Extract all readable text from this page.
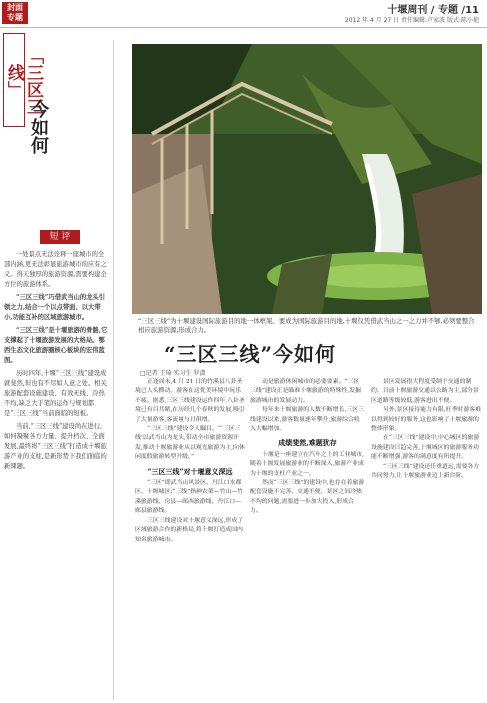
封面
专题
十堰周刊 / 专题 /11
2012 年 4 月 27 日 责任编辑:卢家波 版式:陈小艳
「三区三线」
今如何
短 评

一处景点无法诠释一座城市的全部内涵,更无法彰显旅游城市的应有之义。得天独厚的旅游资源,需要构建全方位的旅游体系。

“三区三线”巧借武当山的龙头引领之力,结合一个以点带面、以大带小,功能互补的区域旅游城市。

“三区三线”是十堰旅游的骨骼,它支撑起了十堰旅游发展的大格局。鄂西生态文化旅游圈核心板块的宏伟蓝图。

历时四年,十堰“三区三线”建设成就斐然,但也有不尽如人意之处。相关旅游配套设施建设、有效无线、冷热不均,缺乏大手笔的运作与规划都是“三区三线”当前面临的短板。

当前,“三区三线”建设尚在进行,如何凝聚各方力量、提升档次、全面发展,最终将“三区三线”打造成十堰旅游产业的支柱,是新形势下我们面临的新课题。

“三区三线”为十堰建设国际旅游目的地一体框架。要成为国际旅游目的地,十堰仅凭借武当山之一之力并不够,必须要整合相应旅游资源,形成合力。
“三区三线”今如何
□记者 王琦 实习生 罗潇

正逢周末,4 月 21 日的竹溪县八卦圣境已人头攒动。游客在这优美环境中玩乐不疲。据悉,三区三线建设运作四年,八卦圣境已有目共睹,在历经几个春秋的发展,吸引了大量游客,客流量与日俱增。

“三区三线”建设令人瞩目。“‘三区三线’以武当山为龙头,带动全市旅游资源开发,推动十堰旅游业从以观光旅游为主,向休闲度假旅游转型升级。”

“三区三线”对十堰意义深远

“三区”即武当山风景区、丹江口水都区、十堰城区;“三线”指神农架—竹山—竹溪旅游线、房县—郧西旅游线、丹江口—郧县旅游线。

三区三线建设对十堰意义深远,形成了区域旅游合作的新格局,将十堰打造成国内知名旅游城市。

动是旅游休闲城市的必要要素。“三区三线”建设正是瞄准十堰旅游的特殊性,发掘旅游城市的发展动力。

每年来十堰旅游的人数不断增长,三区三线建设以来,游客数量逐年攀升,旅游综合收入大幅增加。

成绩斐然,难题犹存

十堰是一座建立在汽车之上的工业城市,随着十堰发展旅游业的不断深入,旅游产业成为十堰的支柱产业之一。

然而“三区三线”的建设中,也存在着旅游配套设施不完善、交通不便、景区之间冷热不均的问题,需要进一步加大投入,形成合力。

景区发展很大程度受制于交通的制约。目前十堰旅游交通以公路为主,部分景区道路等级较低,游客进出不便。

另外,景区接待能力有限,旺季时游客难以得到较好的服务,这也影响了十堰旅游的整体形象。

在“三区三线”建设中,中心城区的旅游设施建设日趋完善,十堰城区的旅游服务功能不断增强,游客的满意度有所提升。

“三区三线”建设还任重道远,需要各方共同努力,让十堰旅游业迈上新台阶。
